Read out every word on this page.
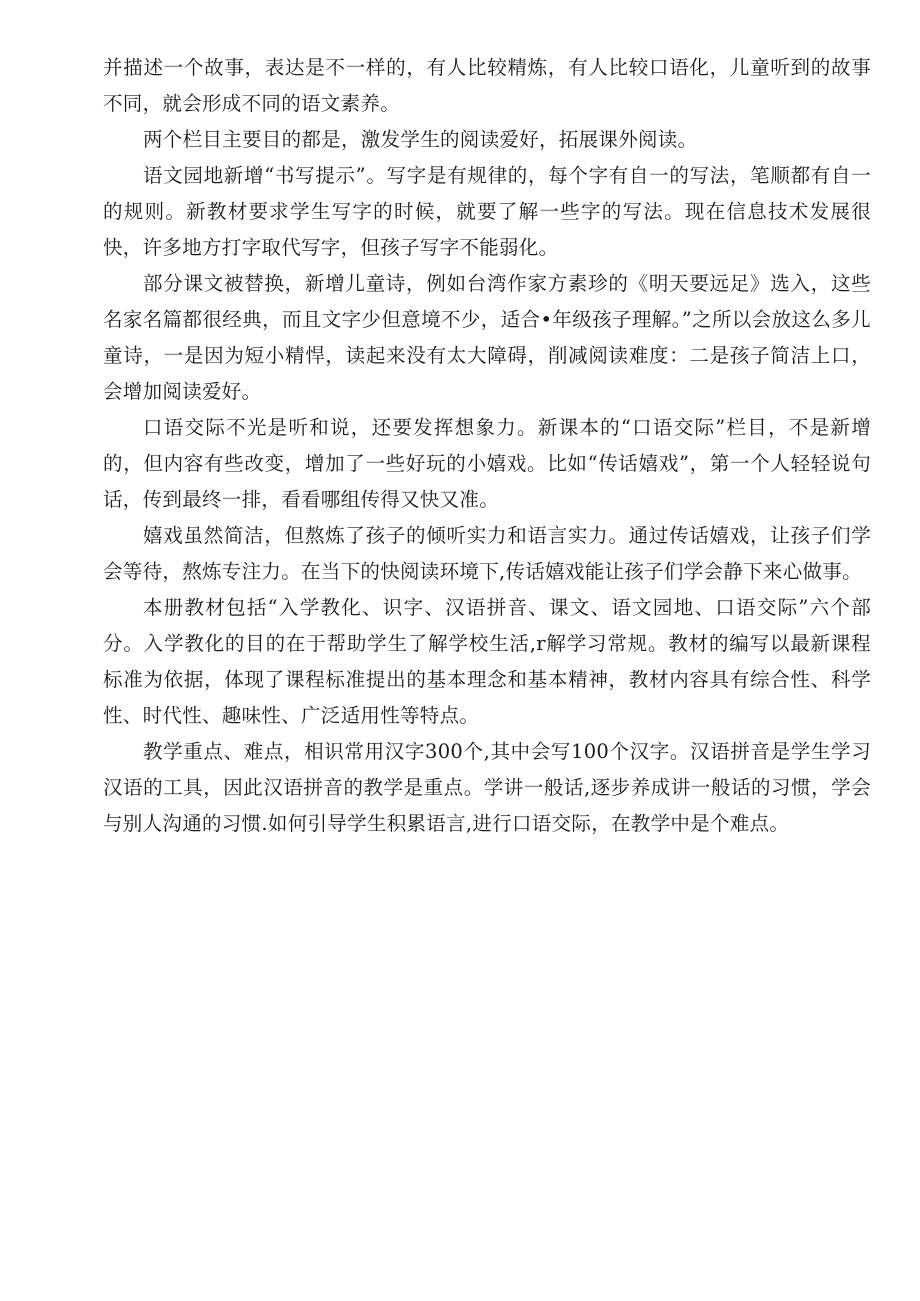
并描述一个故事，表达是不一样的，有人比较精炼，有人比较口语化，儿童听到的故事不同，就会形成不同的语文素养。

两个栏目主要目的都是，激发学生的阅读爱好，拓展课外阅读。

语文园地新增“书写提示”。写字是有规律的，每个字有自一的写法，笔顺都有自一的规则。新教材要求学生写字的时候，就要了解一些字的写法。现在信息技术发展很快，许多地方打字取代写字，但孩子写字不能弱化。

部分课文被替换，新增儿童诗，例如台湾作家方素珍的《明天要远足》选入，这些名家名篇都很经典，而且文字少但意境不少，适合•年级孩子理解。”之所以会放这么多儿童诗，一是因为短小精悍，读起来没有太大障碍，削减阅读难度：二是孩子简洁上口，会增加阅读爱好。

口语交际不光是听和说，还要发挥想象力。新课本的“口语交际”栏目，不是新增的，但内容有些改变，增加了一些好玩的小嬉戏。比如“传话嬉戏”，第一个人轻轻说句话，传到最终一排，看看哪组传得又快又准。

嬉戏虽然简洁，但熬炼了孩子的倾听实力和语言实力。通过传话嬉戏，让孩子们学会等待，熬炼专注力。在当下的快阅读环境下,传话嬉戏能让孩子们学会静下来心做事。

本册教材包括“入学教化、识字、汉语拼音、课文、语文园地、口语交际”六个部分。入学教化的目的在于帮助学生了解学校生活,r解学习常规。教材的编写以最新课程标准为依据，体现了课程标准提出的基本理念和基本精神，教材内容具有综合性、科学性、时代性、趣味性、广泛适用性等特点。

教学重点、难点，相识常用汉字300个,其中会写100个汉字。汉语拼音是学生学习汉语的工具，因此汉语拼音的教学是重点。学讲一般话,逐步养成讲一般话的习惯，学会与别人沟通的习惯.如何引导学生积累语言,进行口语交际，在教学中是个难点。
